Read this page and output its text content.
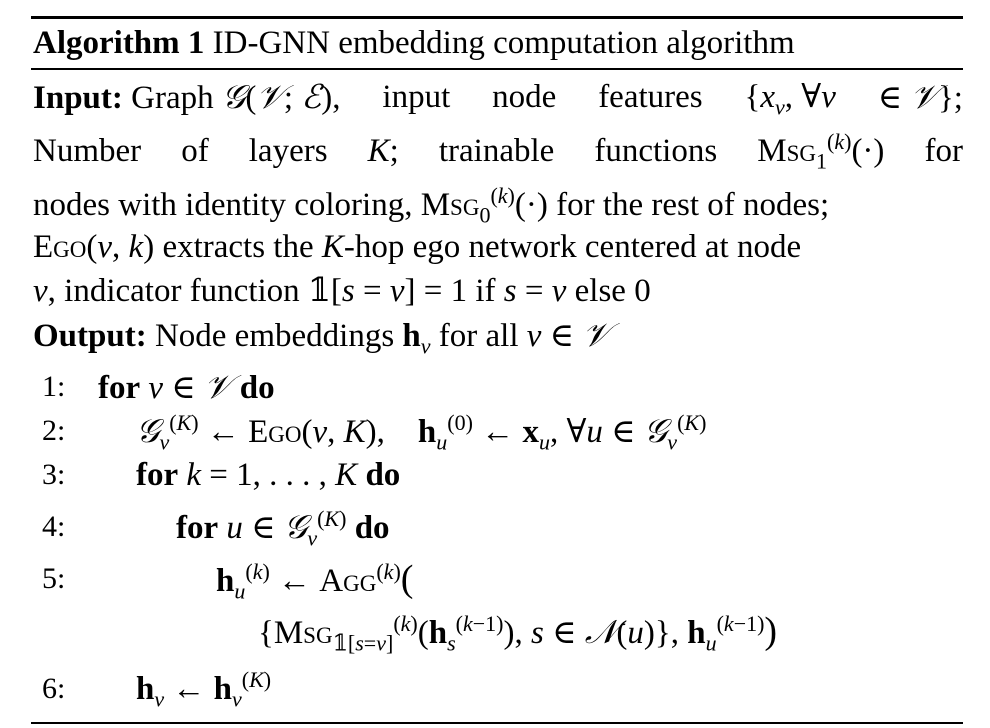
Algorithm 1 ID-GNN embedding computation algorithm
Input: Graph 𝒢(𝒱; ℰ), input node features {$x_v$, ∀v ∈ 𝒱};
Number of layers K; trainable functions Msg$_1^{(k)}$(·) for
nodes with identity coloring, Msg$_0^{(k)}$(·) for the rest of nodes;
Ego(v, k) extracts the K-hop ego network centered at node
v, indicator function 𝟙[s = v] = 1 if s = v else 0
Output: Node embeddings $h_v$ for all v ∈ 𝒱
1: for v ∈ 𝒱 do
2: 𝒢$_v^{(K)}$ ← Ego(v, K),    $h_u^{(0)}$ ← $x_u$, ∀u ∈ 𝒢$_v^{(K)}$
3: for k = 1, . . . , K do
4:	for u ∈ 𝒢$_v^{(K)}$ do
5:	$h_u^{(k)}$ ← Agg$^{(k)}$(
{$Msg_{𝟙[s=v]}^{(k)}(h_s^{(k-1)})$, s ∈ 𝒩(u)}, $h_u^{(k-1)}$)
6: $h_v$ ← $h_v^{(K)}$
